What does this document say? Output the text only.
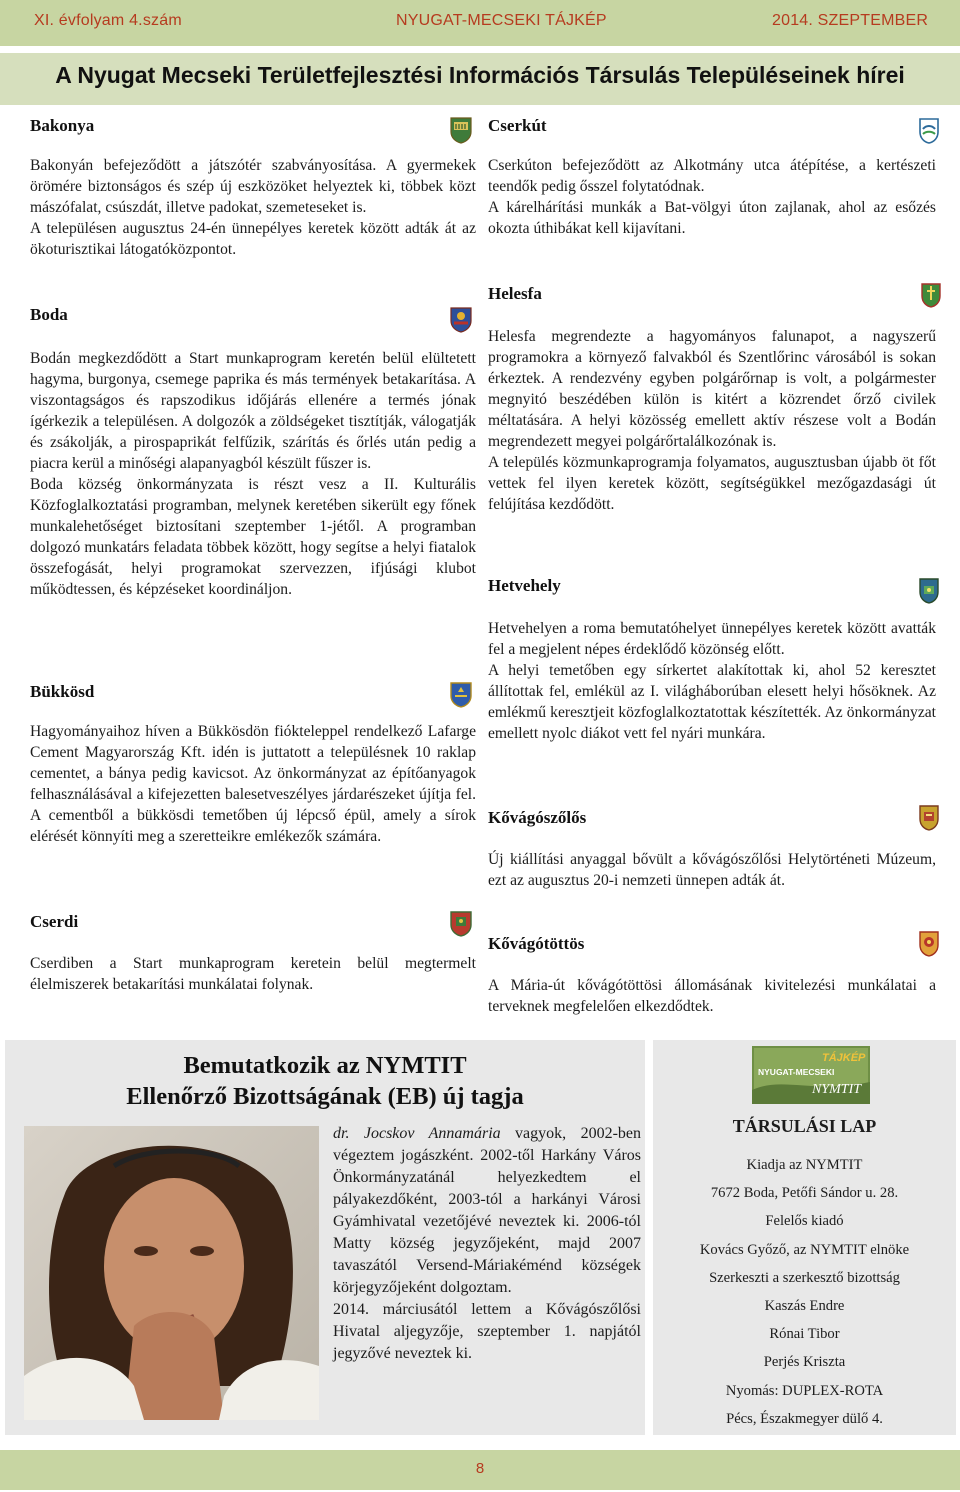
XI. évfolyam 4.szám	NYUGAT-MECSEKI TÁJKÉP	2014. SZEPTEMBER
A Nyugat Mecseki Területfejlesztési Információs Társulás Településeinek hírei
Bakonya

Bakonyán befejeződött a játszótér szabványosítása. A gyermekek örömére biztonságos és szép új eszközöket helyeztek ki, többek közt mászófalat, csúszdát, illetve padokat, szemeteseket is.

A településen augusztus 24-én ünnepélyes keretek között adták át az ökoturisztikai látogatóközpontot.

Boda

Bodán megkezdődött a Start munkaprogram keretén belül elültetett hagyma, burgonya, csemege paprika és más termények betakarítása. A viszontagságos és rapszodikus időjárás ellenére a termés jónak ígérkezik a településen. A dolgozók a zöldségeket tisztítják, válogatják és zsákolják, a pirospaprikát felfűzik, szárítás és őrlés után pedig a piacra kerül a minőségi alapanyagból készült fűszer is.

Boda község önkormányzata is részt vesz a II. Kulturális Közfoglalkoztatási programban, melynek keretében sikerült egy főnek munkalehetőséget biztosítani szeptember 1-jétől. A programban dolgozó munkatárs feladata többek között, hogy segítse a helyi fiatalok összefogását, helyi programokat szervezzen, ifjúsági klubot működtessen, és képzéseket koordináljon.

Bükkösd

Hagyományaihoz híven a Bükkösdön fiókteleppel rendelkező Lafarge Cement Magyarország Kft. idén is juttatott a településnek 10 raklap cementet, a bánya pedig kavicsot. Az önkormányzat az építőanyagok felhasználásával a kifejezetten balesetveszélyes járdarészeket újítja fel. A cementből a bükkösdi temetőben új lépcső épül, amely a sírok elérését könnyíti meg a szeretteikre emlékezők számára.

Cserdi

Cserdiben a Start munkaprogram keretein belül megtermelt élelmiszerek betakarítási munkálatai folynak.

Cserkút

Cserkúton befejeződött az Alkotmány utca átépítése, a kertészeti teendők pedig ősszel folytatódnak.

A kárelhárítási munkák a Bat-völgyi úton zajlanak, ahol az esőzés okozta úthibákat kell kijavítani.

Helesfa

Helesfa megrendezte a hagyományos falunapot, a nagyszerű programokra a környező falvakból és Szentlőrinc városából is sokan érkeztek. A rendezvény egyben polgárőrnap is volt, a polgármester megnyitó beszédében külön is kitért a közrendet őrző civilek méltatására. A helyi közösség emellett aktív részese volt a Bodán megrendezett megyei polgárőrtalálkozónak is.

A település közmunkaprogramja folyamatos, augusztusban újabb öt főt vettek fel ilyen keretek között, segítségükkel mezőgazdasági út felújítása kezdődött.

Hetvehely

Hetvehelyen a roma bemutatóhelyet ünnepélyes keretek között avatták fel a megjelent népes érdeklődő közönség előtt.

A helyi temetőben egy sírkertet alakítottak ki, ahol 52 keresztet állítottak fel, emlékül az I. világháborúban elesett helyi hősöknek. Az emlékmű keresztjeit közfoglalkoztatottak készítették. Az önkormányzat emellett nyolc diákot vett fel nyári munkára.

Kővágószőlős

Új kiállítási anyaggal bővült a kővágószőlősi Helytörténeti Múzeum, ezt az augusztus 20-i nemzeti ünnepen adták át.

Kővágótöttös

A Mária-út kővágótöttösi állomásának kivitelezési munkálatai a terveknek megfelelően elkezdődtek.

Bemutatkozik az NYMTIT
Ellenőrző Bizottságának (EB) új tagja

dr. Jocskov Annamária vagyok, 2002-ben végeztem jogászként. 2002-től Harkány Város Önkormányzatánál helyezkedtem el pályakezdőként, 2003-tól a harkányi Városi Gyámhivatal vezetőjévé neveztek ki. 2006-tól Matty község jegyzőjeként, majd 2007 tavaszától Versend-Máriakéménd községek körjegyzőjeként dolgoztam.

2014. márciusától lettem a Kővágószőlősi Hivatal aljegyzője, szeptember 1. napjától jegyzővé neveztek ki.

TÁJKÉP
NYUGAT-MECSEKI
NYMTIT
TÁRSULÁSI LAP
Kiadja az NYMTIT
7672 Boda, Petőfi Sándor u. 28.
Felelős kiadó
Kovács Győző, az NYMTIT elnöke
Szerkeszti a szerkesztő bizottság
Kaszás Endre
Rónai Tibor
Perjés Kriszta
Nyomás: DUPLEX-ROTA
Pécs, Északmegyer dülő 4.
8
